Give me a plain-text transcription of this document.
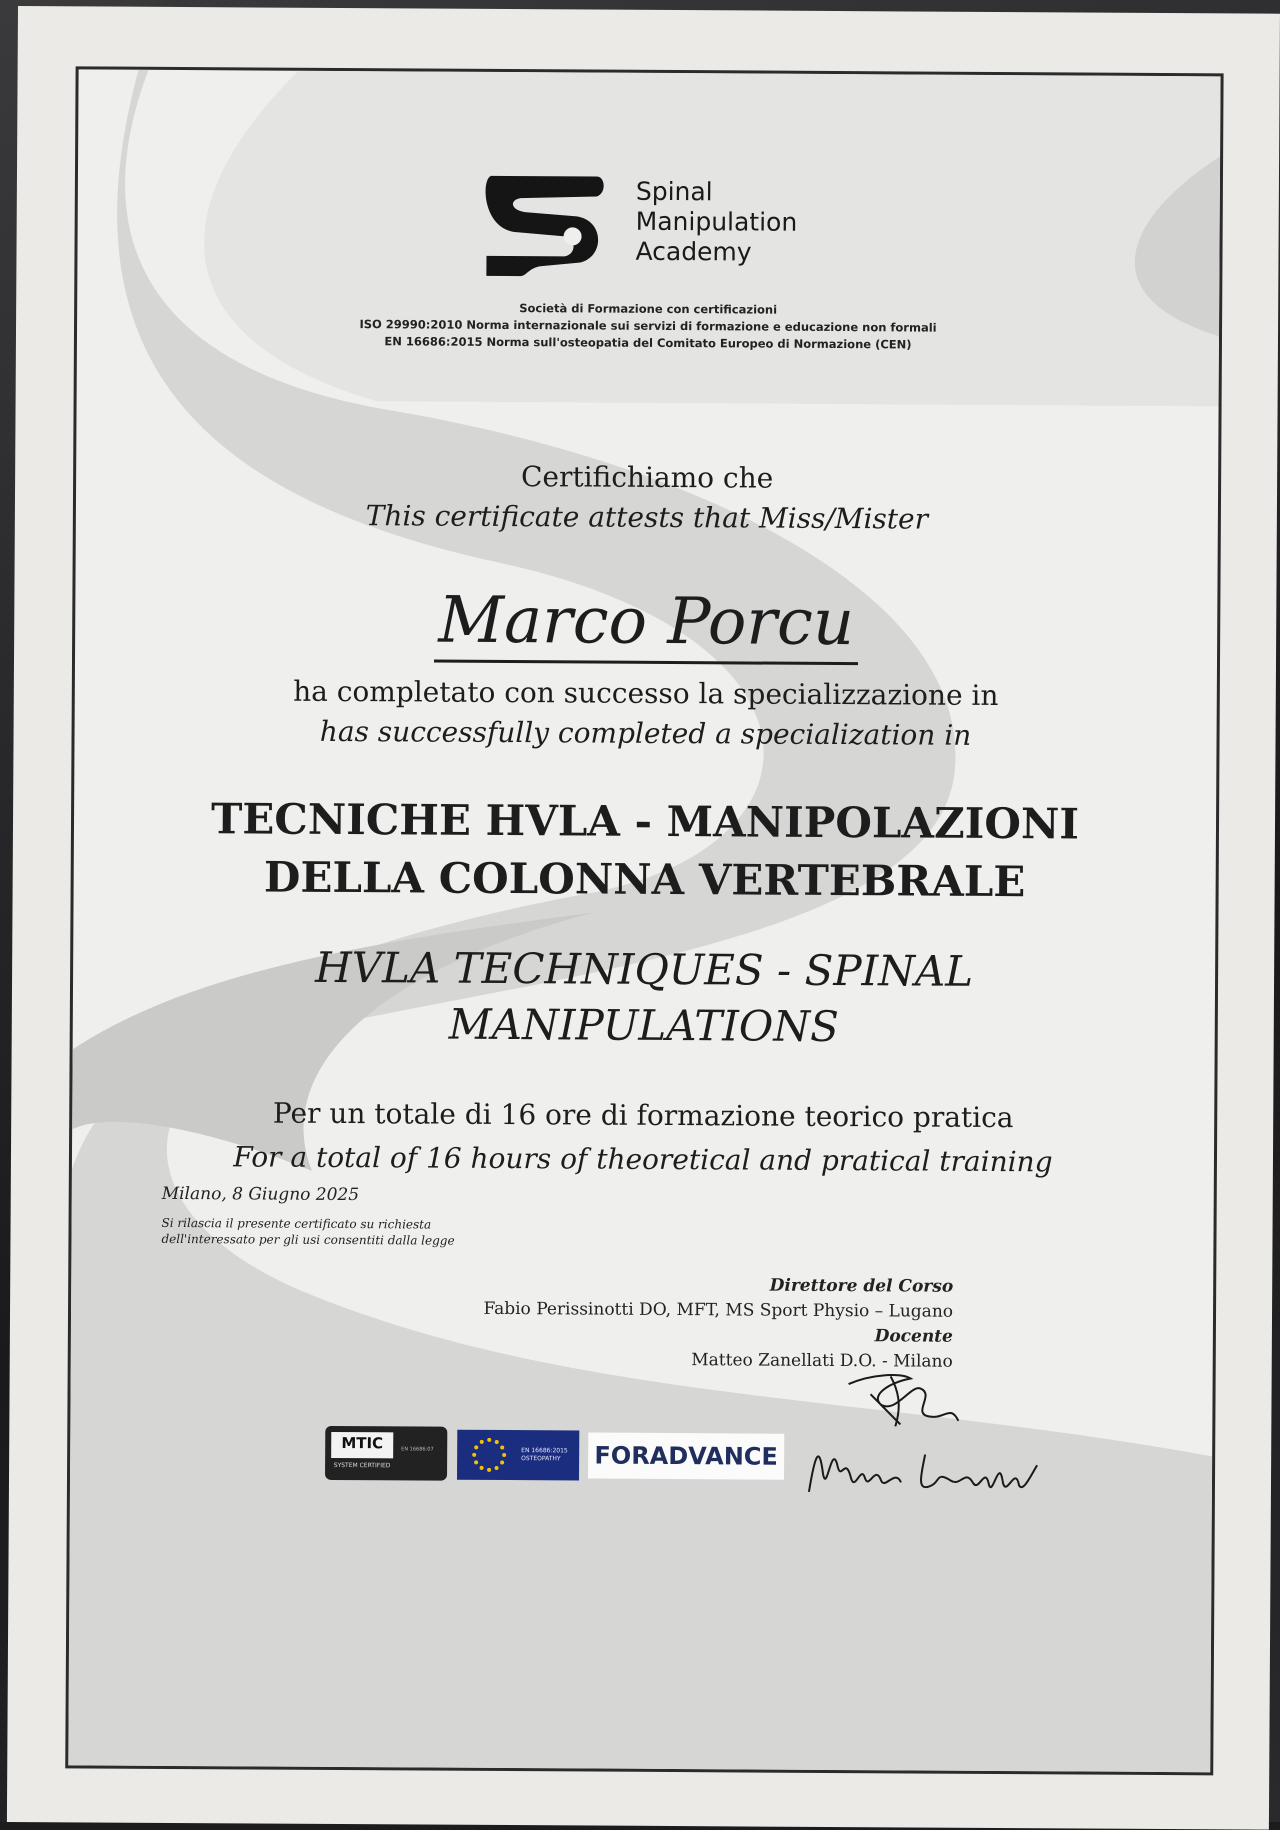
Spinal
Manipulation
Academy
Società di Formazione con certificazioni
ISO 29990:2010 Norma internazionale sui servizi di formazione e educazione non formali
EN 16686:2015 Norma sull'osteopatia del Comitato Europeo di Normazione (CEN)
Certifichiamo che
This certificate attests that Miss/Mister
Marco Porcu
ha completato con successo la specializzazione in
has successfully completed a specialization in
TECNICHE HVLA - MANIPOLAZIONI
DELLA COLONNA VERTEBRALE
HVLA TECHNIQUES - SPINAL
MANIPULATIONS
Per un totale di 16 ore di formazione teorico pratica
For a total of 16 hours of theoretical and pratical training
Milano, 8 Giugno 2025
Si rilascia il presente certificato su richiesta
dell'interessato per gli usi consentiti dalla legge
Direttore del Corso
Fabio Perissinotti DO, MFT, MS Sport Physio – Lugano
Docente
Matteo Zanellati D.O. - Milano
MTIC
SYSTEM CERTIFIED
EN 16686:07	EN 16686:2015
OSTEOPATHY FORADVANCE
